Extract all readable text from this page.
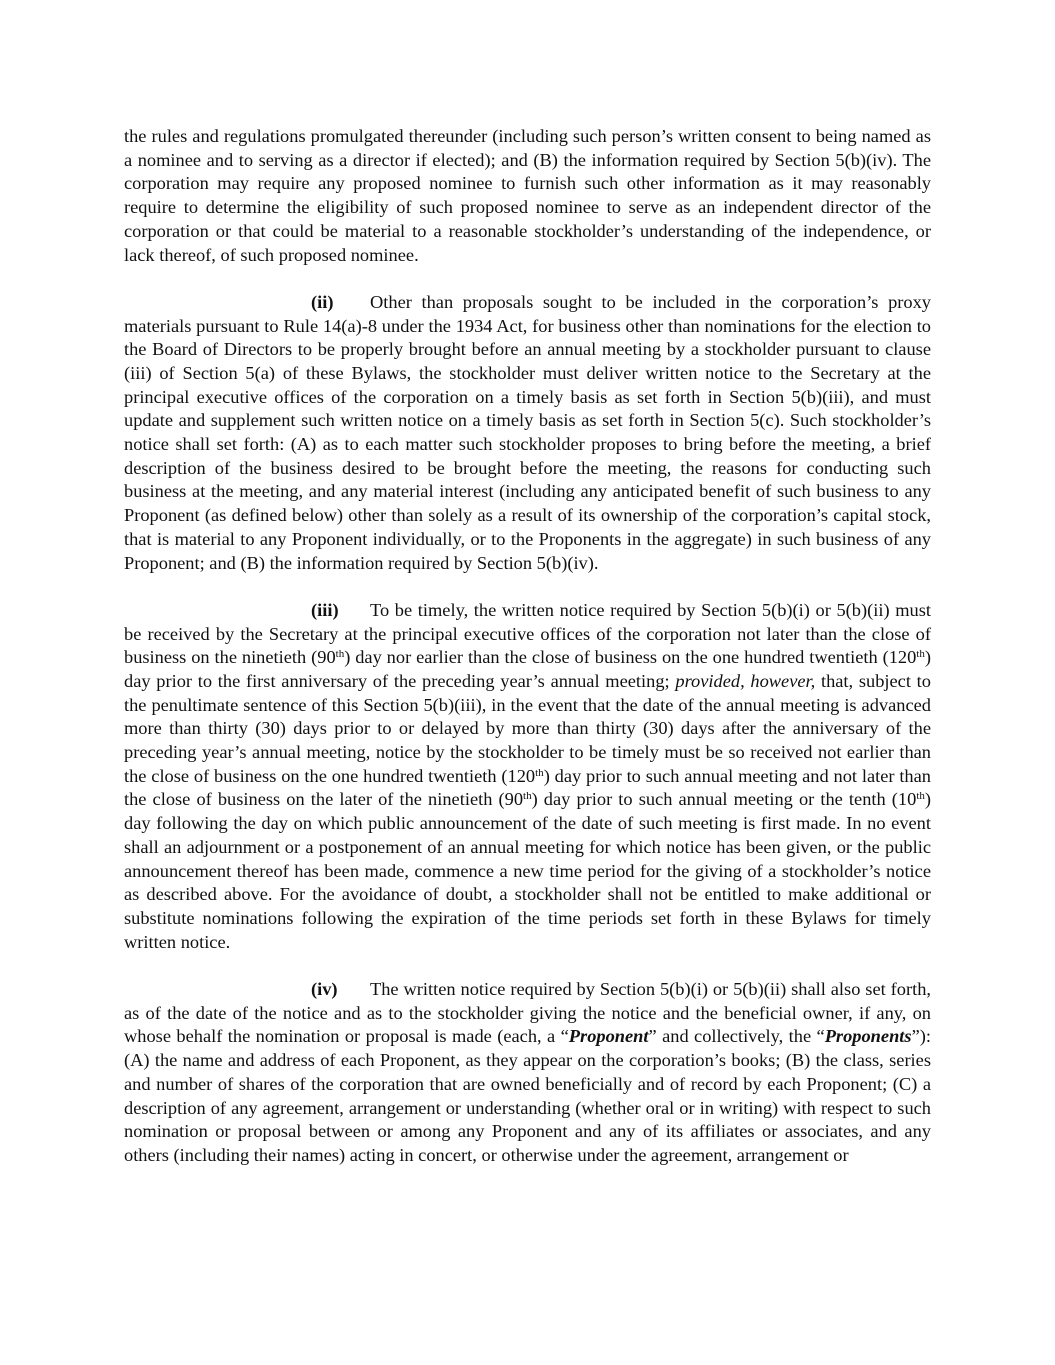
the rules and regulations promulgated thereunder (including such person’s written consent to being named as a nominee and to serving as a director if elected); and (B) the information required by Section 5(b)(iv). The corporation may require any proposed nominee to furnish such other information as it may reasonably require to determine the eligibility of such proposed nominee to serve as an independent director of the corporation or that could be material to a reasonable stockholder’s understanding of the independence, or lack thereof, of such proposed nominee.

(ii) Other than proposals sought to be included in the corporation’s proxy materials pursuant to Rule 14(a)-8 under the 1934 Act, for business other than nominations for the election to the Board of Directors to be properly brought before an annual meeting by a stockholder pursuant to clause (iii) of Section 5(a) of these Bylaws, the stockholder must deliver written notice to the Secretary at the principal executive offices of the corporation on a timely basis as set forth in Section 5(b)(iii), and must update and supplement such written notice on a timely basis as set forth in Section 5(c). Such stockholder’s notice shall set forth: (A) as to each matter such stockholder proposes to bring before the meeting, a brief description of the business desired to be brought before the meeting, the reasons for conducting such business at the meeting, and any material interest (including any anticipated benefit of such business to any Proponent (as defined below) other than solely as a result of its ownership of the corporation’s capital stock, that is material to any Proponent individually, or to the Proponents in the aggregate) in such business of any Proponent; and (B) the information required by Section 5(b)(iv).

(iii) To be timely, the written notice required by Section 5(b)(i) or 5(b)(ii) must be received by the Secretary at the principal executive offices of the corporation not later than the close of business on the ninetieth (90th) day nor earlier than the close of business on the one hundred twentieth (120th) day prior to the first anniversary of the preceding year’s annual meeting; provided, however, that, subject to the penultimate sentence of this Section 5(b)(iii), in the event that the date of the annual meeting is advanced more than thirty (30) days prior to or delayed by more than thirty (30) days after the anniversary of the preceding year’s annual meeting, notice by the stockholder to be timely must be so received not earlier than the close of business on the one hundred twentieth (120th) day prior to such annual meeting and not later than the close of business on the later of the ninetieth (90th) day prior to such annual meeting or the tenth (10th) day following the day on which public announcement of the date of such meeting is first made. In no event shall an adjournment or a postponement of an annual meeting for which notice has been given, or the public announcement thereof has been made, commence a new time period for the giving of a stockholder’s notice as described above. For the avoidance of doubt, a stockholder shall not be entitled to make additional or substitute nominations following the expiration of the time periods set forth in these Bylaws for timely written notice.

(iv) The written notice required by Section 5(b)(i) or 5(b)(ii) shall also set forth, as of the date of the notice and as to the stockholder giving the notice and the beneficial owner, if any, on whose behalf the nomination or proposal is made (each, a “Proponent” and collectively, the “Proponents”): (A) the name and address of each Proponent, as they appear on the corporation’s books; (B) the class, series and number of shares of the corporation that are owned beneficially and of record by each Proponent; (C) a description of any agreement, arrangement or understanding (whether oral or in writing) with respect to such nomination or proposal between or among any Proponent and any of its affiliates or associates, and any others (including their names) acting in concert, or otherwise under the agreement, arrangement or
